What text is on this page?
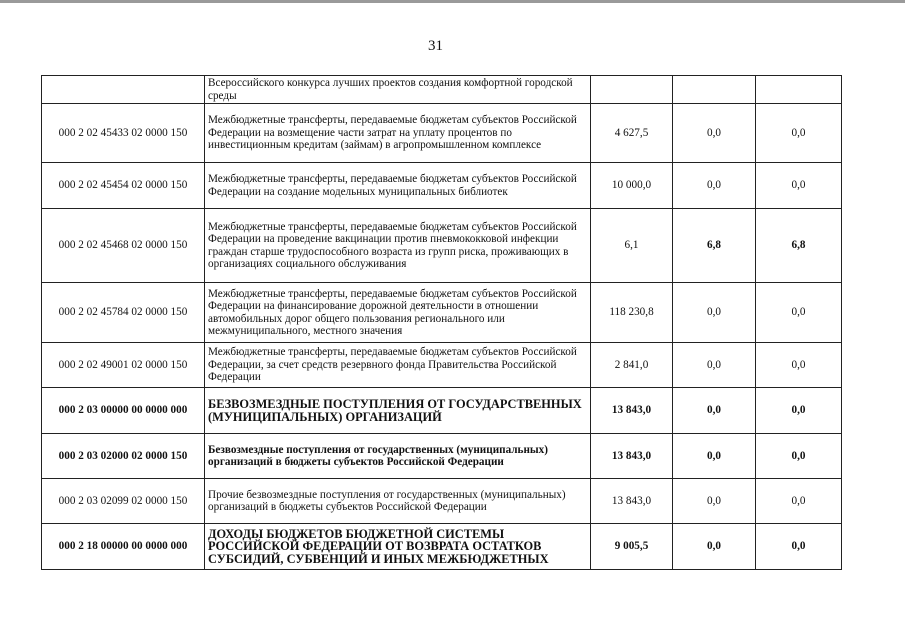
31
	Всероссийского конкурса лучших проектов создания комфортной городской среды			
000 2 02 45433 02 0000 150	Межбюджетные трансферты, передаваемые бюджетам субъектов Российской Федерации на возмещение части затрат на уплату процентов по инвестиционным кредитам (займам) в агропромышленном комплексе	4 627,5	0,0	0,0
000 2 02 45454 02 0000 150	Межбюджетные трансферты, передаваемые бюджетам субъектов Российской Федерации на создание модельных муниципальных библиотек	10 000,0	0,0	0,0
000 2 02 45468 02 0000 150	Межбюджетные трансферты, передаваемые бюджетам субъектов Российской Федерации на проведение вакцинации против пневмококковой инфекции граждан старше трудоспособного возраста из групп риска, проживающих в организациях социального обслуживания	6,1	6,8	6,8
000 2 02 45784 02 0000 150	Межбюджетные трансферты, передаваемые бюджетам субъектов Российской Федерации на финансирование дорожной деятельности в отношении автомобильных дорог общего пользования регионального или межмуниципального, местного значения	118 230,8	0,0	0,0
000 2 02 49001 02 0000 150	Межбюджетные трансферты, передаваемые бюджетам субъектов Российской Федерации, за счет средств резервного фонда Правительства Российской Федерации	2 841,0	0,0	0,0
000 2 03 00000 00 0000 000	БЕЗВОЗМЕЗДНЫЕ ПОСТУПЛЕНИЯ ОТ ГОСУДАРСТВЕННЫХ (МУНИЦИПАЛЬНЫХ) ОРГАНИЗАЦИЙ	13 843,0	0,0	0,0
000 2 03 02000 02 0000 150	Безвозмездные поступления от государственных (муниципальных) организаций в бюджеты субъектов Российской Федерации	13 843,0	0,0	0,0
000 2 03 02099 02 0000 150	Прочие безвозмездные поступления от государственных (муниципальных) организаций в бюджеты субъектов Российской Федерации	13 843,0	0,0	0,0
000 2 18 00000 00 0000 000	ДОХОДЫ БЮДЖЕТОВ БЮДЖЕТНОЙ СИСТЕМЫ РОССИЙСКОЙ ФЕДЕРАЦИИ ОТ ВОЗВРАТА ОСТАТКОВ СУБСИДИЙ, СУБВЕНЦИЙ И ИНЫХ МЕЖБЮДЖЕТНЫХ	9 005,5	0,0	0,0
